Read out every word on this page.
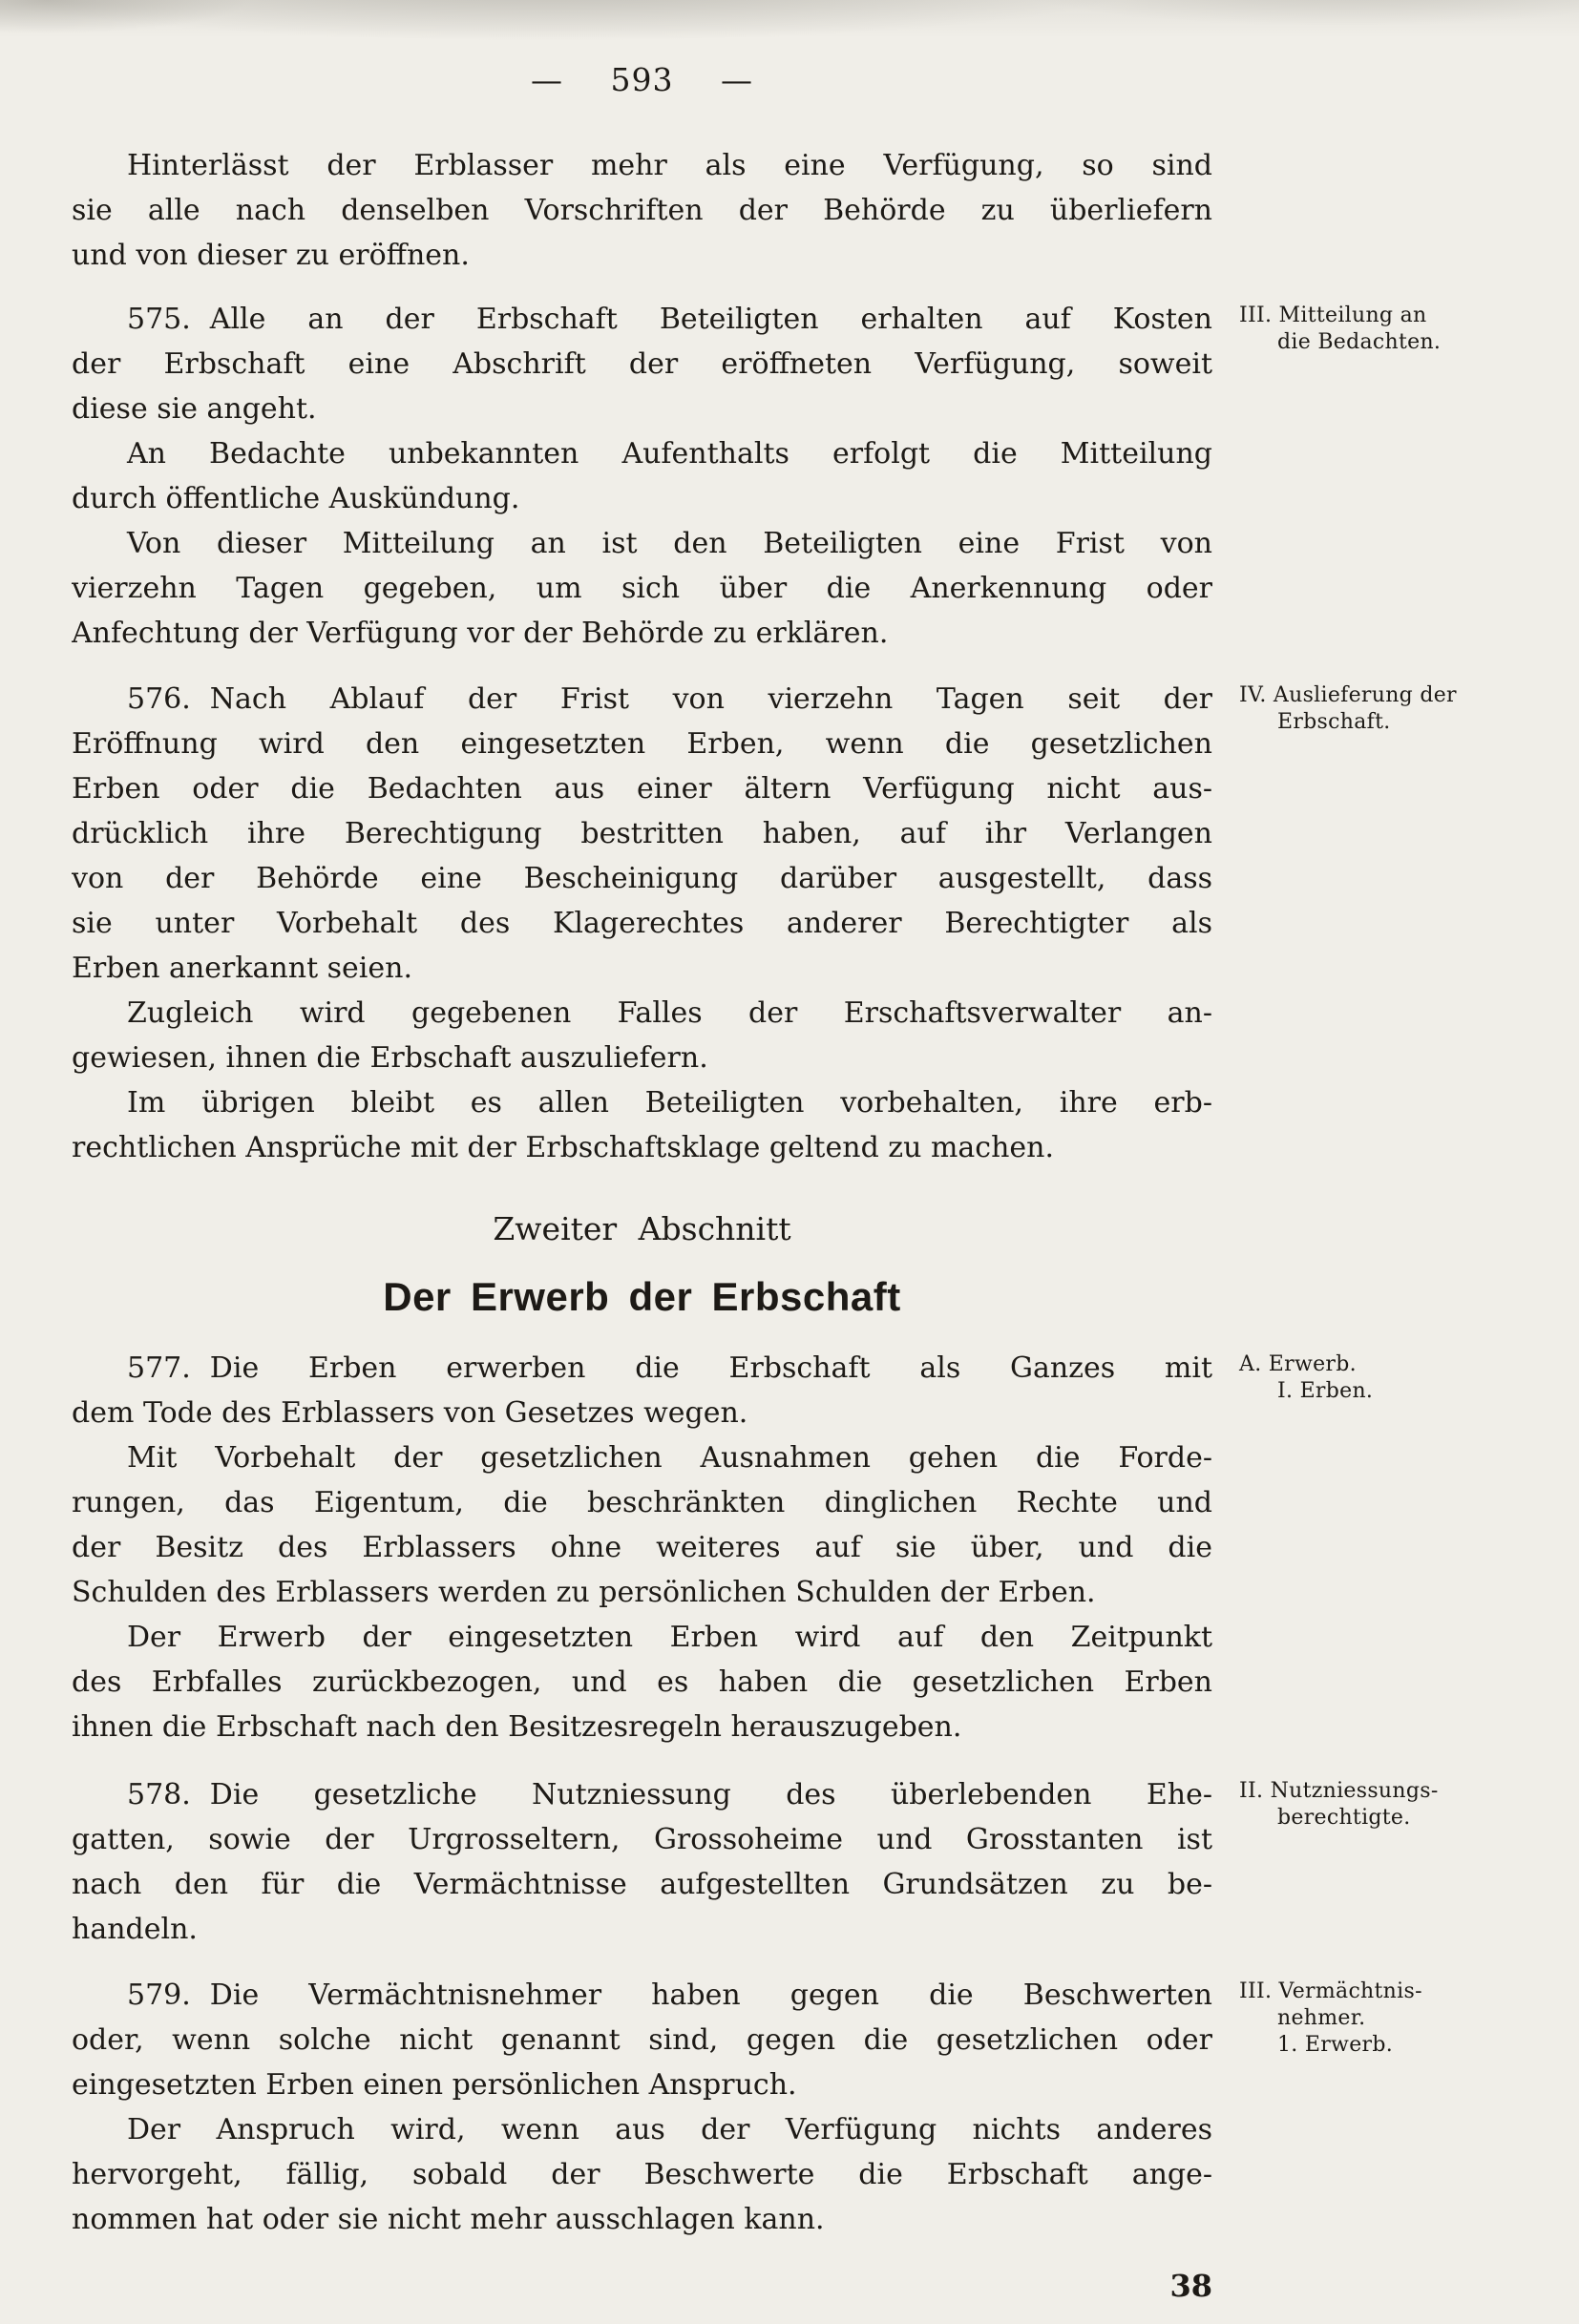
— 593 —
Hinterlässt der Erblasser mehr als eine Verfügung, so sind
sie alle nach denselben Vorschriften der Behörde zu überliefern
und von dieser zu eröffnen.
575. Alle an der Erbschaft Beteiligten erhalten auf Kosten
der Erbschaft eine Abschrift der eröffneten Verfügung, soweit
diese sie angeht.
An Bedachte unbekannten Aufenthalts erfolgt die Mitteilung
durch öffentliche Auskündung.
Von dieser Mitteilung an ist den Beteiligten eine Frist von
vierzehn Tagen gegeben, um sich über die Anerkennung oder
Anfechtung der Verfügung vor der Behörde zu erklären.
III. Mitteilung an
die Bedachten.
576. Nach Ablauf der Frist von vierzehn Tagen seit der
Eröffnung wird den eingesetzten Erben, wenn die gesetzlichen
Erben oder die Bedachten aus einer ältern Verfügung nicht aus-
drücklich ihre Berechtigung bestritten haben, auf ihr Verlangen
von der Behörde eine Bescheinigung darüber ausgestellt, dass
sie unter Vorbehalt des Klagerechtes anderer Berechtigter als
Erben anerkannt seien.
Zugleich wird gegebenen Falles der Erschaftsverwalter an-
gewiesen, ihnen die Erbschaft auszuliefern.
Im übrigen bleibt es allen Beteiligten vorbehalten, ihre erb-
rechtlichen Ansprüche mit der Erbschaftsklage geltend zu machen.
IV. Auslieferung der
Erbschaft.
Zweiter Abschnitt
Der Erwerb der Erbschaft
577. Die Erben erwerben die Erbschaft als Ganzes mit
dem Tode des Erblassers von Gesetzes wegen.
Mit Vorbehalt der gesetzlichen Ausnahmen gehen die Forde-
rungen, das Eigentum, die beschränkten dinglichen Rechte und
der Besitz des Erblassers ohne weiteres auf sie über, und die
Schulden des Erblassers werden zu persönlichen Schulden der Erben.
Der Erwerb der eingesetzten Erben wird auf den Zeitpunkt
des Erbfalles zurückbezogen, und es haben die gesetzlichen Erben
ihnen die Erbschaft nach den Besitzesregeln herauszugeben.
A. Erwerb.
I. Erben.
578. Die gesetzliche Nutzniessung des überlebenden Ehe-
gatten, sowie der Urgrosseltern, Grossoheime und Grosstanten ist
nach den für die Vermächtnisse aufgestellten Grundsätzen zu be-
handeln.
II. Nutzniessungs-
berechtigte.
579. Die Vermächtnisnehmer haben gegen die Beschwerten
oder, wenn solche nicht genannt sind, gegen die gesetzlichen oder
eingesetzten Erben einen persönlichen Anspruch.
Der Anspruch wird, wenn aus der Verfügung nichts anderes
hervorgeht, fällig, sobald der Beschwerte die Erbschaft ange-
nommen hat oder sie nicht mehr ausschlagen kann.
III. Vermächtnis-
nehmer.
1. Erwerb.
38
